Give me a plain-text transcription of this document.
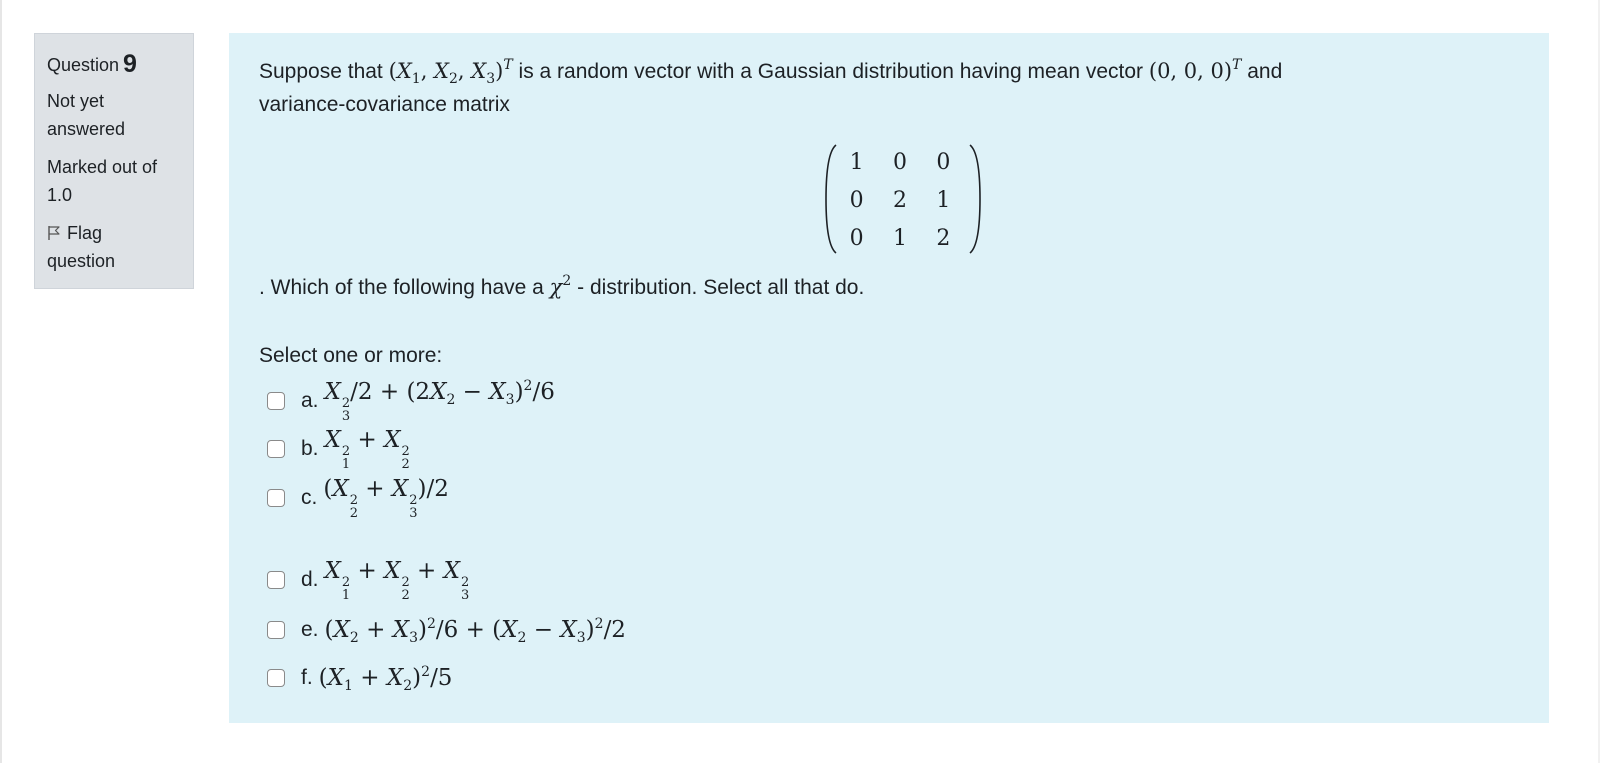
Question 9
Not yet
answered
Marked out of
1.0
Flag
question
Suppose that ($X_1$, $X_2$, $X_3)^T$ is a random vector with a Gaussian distribution having mean vector (0, 0, 0)$^T$ and
variance-covariance matrix
1	0	0
0	2	1
0	1	2
. Which of the following have a $\chi^2$ - distribution. Select all that do.
Select one or more:
a. X 2
3
$/2 + (2X_2 - X_3)^2/6$
b. X 2
1
+ X 2
2
c. (X 2
2
+ X 2
3
)/2
d. X 2
1
+ X 2
2
+ X 2
3
e. $(X_2 + X_3)^2/6 + (X_2 - X_3)^2/2$
f. $(X_1 + X_2)^2/5$
